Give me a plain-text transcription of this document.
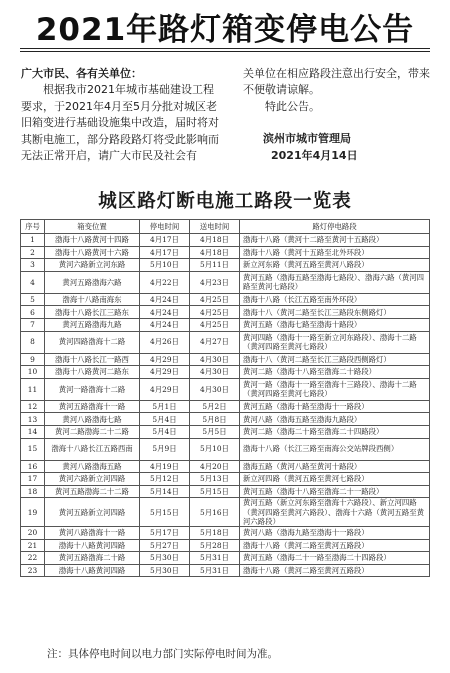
2021年路灯箱变停电公告

广大市民、各有关单位：

根据我市2021年城市基础建设工程要求，于2021年4月至5月分批对城区老旧箱变进行基础设施集中改造，届时将对其断电施工，部分路段路灯将受此影响而无法正常开启，请广大市民及社会有

关单位在相应路段注意出行安全，带来不便敬请谅解。

特此公告。

滨州市城市管理局

2021年4月14日

城区路灯断电施工路段一览表
序号	箱变位置	停电时间	送电时间	路灯停电路段
1	渤海十八路黄河十四路	4月17日	4月18日	渤海十八路（黄河十二路至黄河十五路段）
2	渤海十八路黄河十六路	4月17日	4月18日	渤海十八路（黄河十五路至北外环段）
3	黄河六路新立河东路	5月10日	5月11日	新立河东路（黄河五路至黄河八路段）
4	黄河五路渤海六路	4月22日	4月23日	黄河五路（渤海五路至渤海七路段）、渤海六路（黄河四路至黄河七路段）
5	渤海十八路南海东	4月24日	4月25日	渤海十八路（长江五路至南外环段）
6	渤海十八路长江三路东	4月24日	4月25日	渤海十八（黄河二路至长江三路段东侧路灯）
7	黄河五路渤海九路	4月24日	4月25日	黄河五路（渤海七路至渤海十路段）
8	黄河四路渤海十二路	4月26日	4月27日	黄河四路（渤海十一路至新立河东路段）、渤海十二路（黄河四路至黄河七路段）
9	渤海十八路长江一路西	4月29日	4月30日	渤海十八（黄河二路至长江三路段西侧路灯）
10	渤海十八路黄河二路东	4月29日	4月30日	黄河二路（渤海十八路至渤海二十路段）
11	黄河一路渤海十二路	4月29日	4月30日	黄河一路（渤海十一路至渤海十三路段）、渤海十二路（黄河四路至黄河七路段）
12	黄河五路渤海十一路	5月1日	5月2日	黄河五路（渤海十路至渤海十一路段）
13	黄河八路渤海七路	5月4日	5月8日	黄河八路（渤海五路至渤海九路段）
14	黄河二路渤海二十二路	5月4日	5月5日	黄河二路（渤海二十路至渤海二十四路段）
15	渤海十八路长江五路西南	5月9日	5月10日	渤海十八路（长江三路至南海公交站牌段西侧）
16	黄河八路渤海五路	4月19日	4月20日	渤海五路（黄河八路至黄河十路段）
17	黄河六路新立河四路	5月12日	5月13日	新立河四路（黄河五路至黄河七路段）
18	黄河五路渤海二十二路	5月14日	5月15日	黄河五路（渤海十八路至渤海二十一路段）
19	黄河五路新立河四路	5月15日	5月16日	黄河五路（新立河东路至渤海十六路段）、新立河四路（黄河四路至黄河六路段）、渤海十六路（黄河五路至黄河六路段）
20	黄河八路渤海十一路	5月17日	5月18日	黄河八路（渤海九路至渤海十一路段）
21	渤海十八路黄河四路	5月27日	5月28日	渤海十八路（黄河二路至黄河五路段）
22	黄河五路渤海二十路	5月30日	5月31日	黄河五路（渤海二十一路至渤海二十四路段）
23	渤海十八路黄河四路	5月30日	5月31日	渤海十八路（黄河二路至黄河五路段）
注：具体停电时间以电力部门实际停电时间为准。
